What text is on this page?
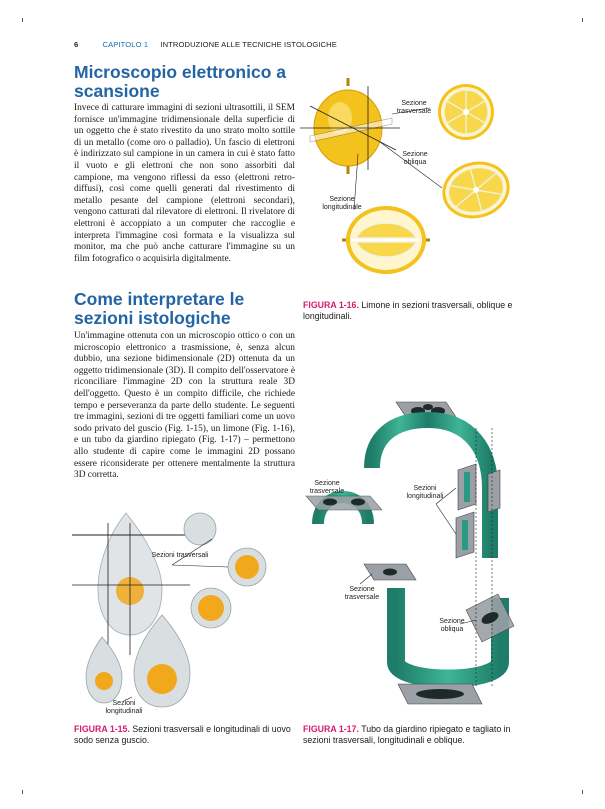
6	CAPITOLO 1 INTRODUZIONE ALLE TECNICHE ISTOLOGICHE
Microscopio elettronico a scansione

Invece di catturare immagini di sezioni ultrasottili, il SEM fornisce un'immagine tridimensionale della superficie di un oggetto che è stato rivestito da uno strato molto sottile di un metallo (come oro o palladio). Un fascio di elettroni è indirizzato sul campione in un camera in cui è stato fatto il vuoto e gli elettroni che non sono assorbiti dal campione, ma vengono riflessi da esso (elettroni retro-diffusi), così come quelli generati dal rivestimento di metallo pesante del campione (elettroni secondari), vengono catturati dal rilevatore di elettroni. Il rivelatore di elettroni è accoppiato a un computer che raccoglie e interpreta l'immagine così formata e la visualizza sul monitor, ma che può anche catturare l'immagine su un film fotografico o acquisirla digitalmente.

Come interpretare le sezioni istologiche

Un'immagine ottenuta con un microscopio ottico o con un microscopio elettronico a trasmissione, è, senza alcun dubbio, una sezione bidimensionale (2D) ottenuta da un oggetto tridimensionale (3D). Il compito dell'osservatore è riconciliare l'immagine 2D con la struttura reale 3D dell'oggetto. Questo è un compito difficile, che richiede tempo e perseveranza da parte dello studente. Le seguenti tre immagini, sezioni di tre oggetti familiari come un uovo sodo privato del guscio (Fig. 1-15), un limone (Fig. 1-16), e un tubo da giardino ripiegato (Fig. 1-17) – permettono allo studente di capire come le immagini 2D possano essere riconsiderate per ottenere mentalmente la struttura 3D corretta.

Sezione trasversale
Sezione obliqua
Sezione longitudinale

FIGURA 1-16. Limone in sezioni trasversali, oblique e longitudinali.

Sezioni trasversali
Sezioni longitudinali

FIGURA 1-15. Sezioni trasversali e longitudinali di uovo sodo senza guscio.

Sezione trasversale	Sezioni longitudinali
Sezione trasversale
Sezione obliqua

FIGURA 1-17. Tubo da giardino ripiegato e tagliato in sezioni trasversali, longitudinali e oblique.
